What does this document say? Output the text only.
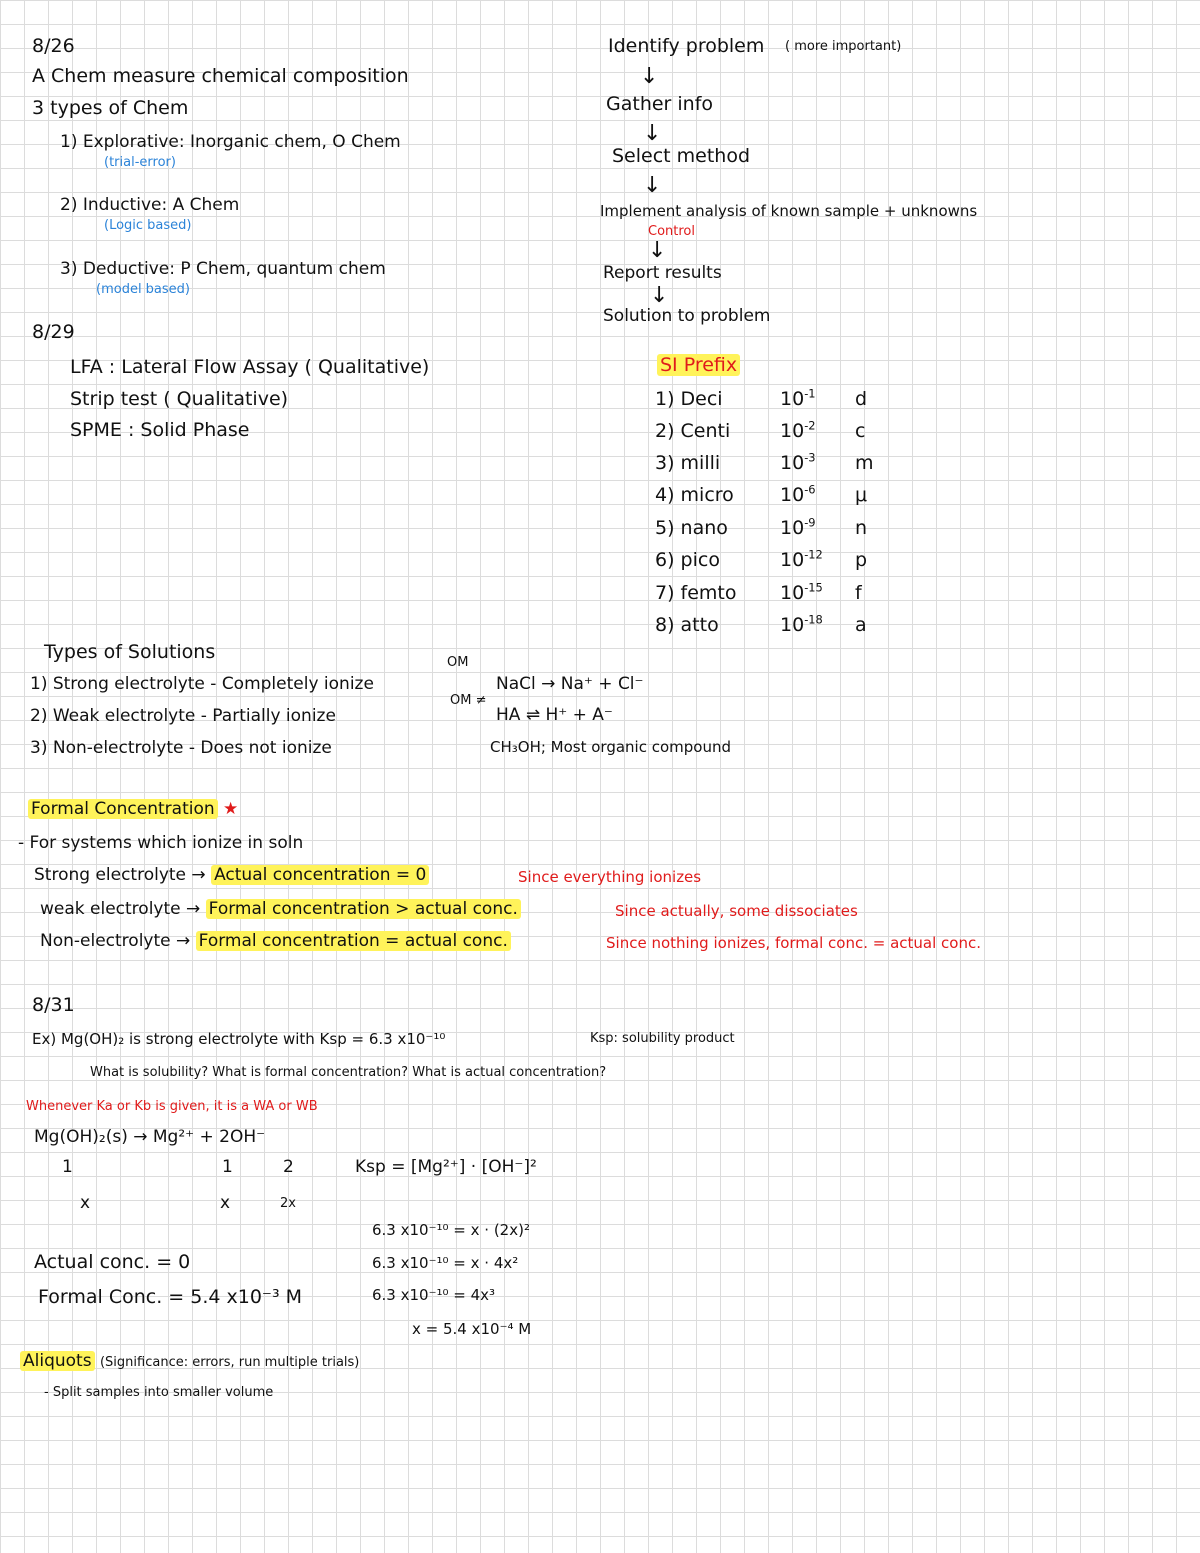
8/26
A Chem measure chemical composition
3 types of Chem
1) Explorative: Inorganic chem, O Chem
(trial-error)
2) Inductive: A Chem
(Logic based)
3) Deductive: P Chem, quantum chem
(model based)
8/29
LFA : Lateral Flow Assay ( Qualitative)
Strip test ( Qualitative)
SPME : Solid Phase
Identify problem ( more important)
↓
Gather info
↓
Select method
↓
Implement analysis of known sample + unknowns
Control
↓
Report results
↓
Solution to problem
SI Prefix
1) Deci	$10^{-1}$ d
2) Centi	$10^{-2}$ c
3) milli	$10^{-3}$ m
4) micro $10^{-6}$ μ
5) nano	$10^{-9}$ n
6) pico	$10^{-12}$ p
7) femto $10^{-15}$ f
8) atto	$10^{-18}$ a
Types of Solutions
1) Strong electrolyte - Completely ionize
2) Weak electrolyte - Partially ionize
3) Non-electrolyte - Does not ionize
OM
NaCl → Na⁺ + Cl⁻
OM ≠
HA ⇌ H⁺ + A⁻
CH₃OH; Most organic compound
Formal Concentration ★
- For systems which ionize in soln
Strong electrolyte → Actual concentration = 0	Since everything ionizes
weak electrolyte → Formal concentration > actual conc.	Since actually, some dissociates
Non-electrolyte → Formal concentration = actual conc.	Since nothing ionizes, formal conc. = actual conc.
8/31
Ex) Mg(OH)₂ is strong electrolyte with Ksp = 6.3 x10⁻¹⁰	Ksp: solubility product
What is solubility? What is formal concentration? What is actual concentration?
Whenever Ka or Kb is given, it is a WA or WB
Mg(OH)₂(s) → Mg²⁺ + 2OH⁻
1	1	2
x	x	2x
Ksp = [Mg²⁺] · [OH⁻]²
6.3 x10⁻¹⁰ = x · (2x)²
6.3 x10⁻¹⁰ = x · 4x²
6.3 x10⁻¹⁰ = 4x³
x = 5.4 x10⁻⁴ M
Actual conc. = 0
Formal Conc. = 5.4 x10⁻³ M
Aliquots (Significance: errors, run multiple trials)
- Split samples into smaller volume
